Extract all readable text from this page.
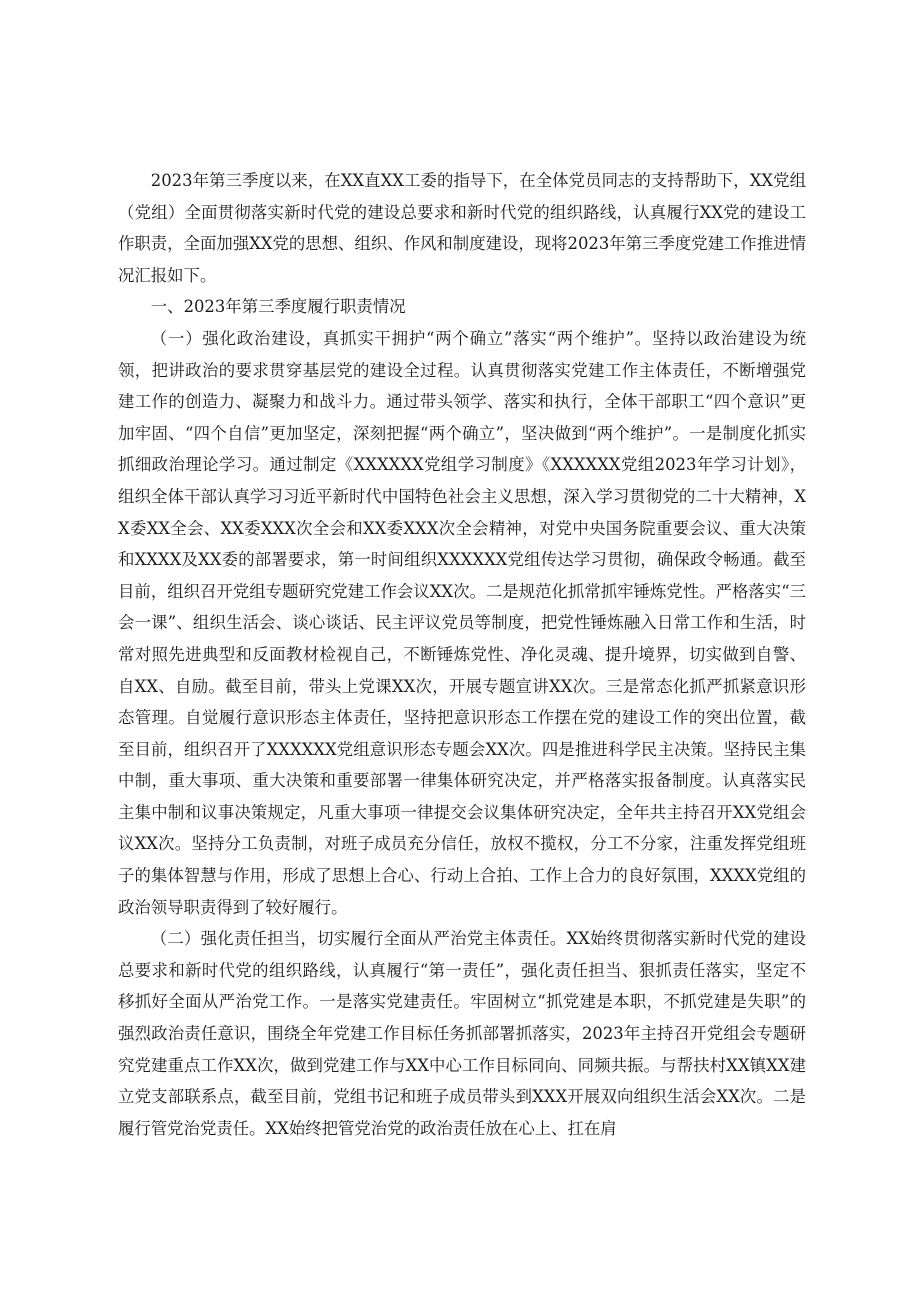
2023年第三季度以来，在XX直XX工委的指导下，在全体党员同志的支持帮助下，XX党组（党组）全面贯彻落实新时代党的建设总要求和新时代党的组织路线，认真履行XX党的建设工作职责，全面加强XX党的思想、组织、作风和制度建设，现将2023年第三季度党建工作推进情况汇报如下。

一、2023年第三季度履行职责情况

（一）强化政治建设，真抓实干拥护“两个确立”落实“两个维护”。坚持以政治建设为统领，把讲政治的要求贯穿基层党的建设全过程。认真贯彻落实党建工作主体责任，不断增强党建工作的创造力、凝聚力和战斗力。通过带头领学、落实和执行，全体干部职工“四个意识”更加牢固、“四个自信”更加坚定，深刻把握“两个确立”，坚决做到“两个维护”。一是制度化抓实抓细政治理论学习。通过制定《XXXXXX党组学习制度》《XXXXXX党组2023年学习计划》，组织全体干部认真学习习近平新时代中国特色社会主义思想，深入学习贯彻党的二十大精神，XX委XX全会、XX委XXX次全会和XX委XXX次全会精神，对党中央国务院重要会议、重大决策和XXXX及XX委的部署要求，第一时间组织XXXXXX党组传达学习贯彻，确保政令畅通。截至目前，组织召开党组专题研究党建工作会议XX次。二是规范化抓常抓牢锤炼党性。严格落实“三会一课”、组织生活会、谈心谈话、民主评议党员等制度，把党性锤炼融入日常工作和生活，时常对照先进典型和反面教材检视自己，不断锤炼党性、净化灵魂、提升境界，切实做到自警、自XX、自励。截至目前，带头上党课XX次，开展专题宣讲XX次。三是常态化抓严抓紧意识形态管理。自觉履行意识形态主体责任，坚持把意识形态工作摆在党的建设工作的突出位置，截至目前，组织召开了XXXXXX党组意识形态专题会XX次。四是推进科学民主决策。坚持民主集中制，重大事项、重大决策和重要部署一律集体研究决定，并严格落实报备制度。认真落实民主集中制和议事决策规定，凡重大事项一律提交会议集体研究决定，全年共主持召开XX党组会议XX次。坚持分工负责制，对班子成员充分信任，放权不揽权，分工不分家，注重发挥党组班子的集体智慧与作用，形成了思想上合心、行动上合拍、工作上合力的良好氛围，XXXX党组的政治领导职责得到了较好履行。

（二）强化责任担当，切实履行全面从严治党主体责任。XX始终贯彻落实新时代党的建设总要求和新时代党的组织路线，认真履行“第一责任”，强化责任担当、狠抓责任落实，坚定不移抓好全面从严治党工作。一是落实党建责任。牢固树立“抓党建是本职，不抓党建是失职”的强烈政治责任意识，围绕全年党建工作目标任务抓部署抓落实，2023年主持召开党组会专题研究党建重点工作XX次，做到党建工作与XX中心工作目标同向、同频共振。与帮扶村XX镇XX建立党支部联系点，截至目前，党组书记和班子成员带头到XXX开展双向组织生活会XX次。二是履行管党治党责任。XX始终把管党治党的政治责任放在心上、扛在肩
